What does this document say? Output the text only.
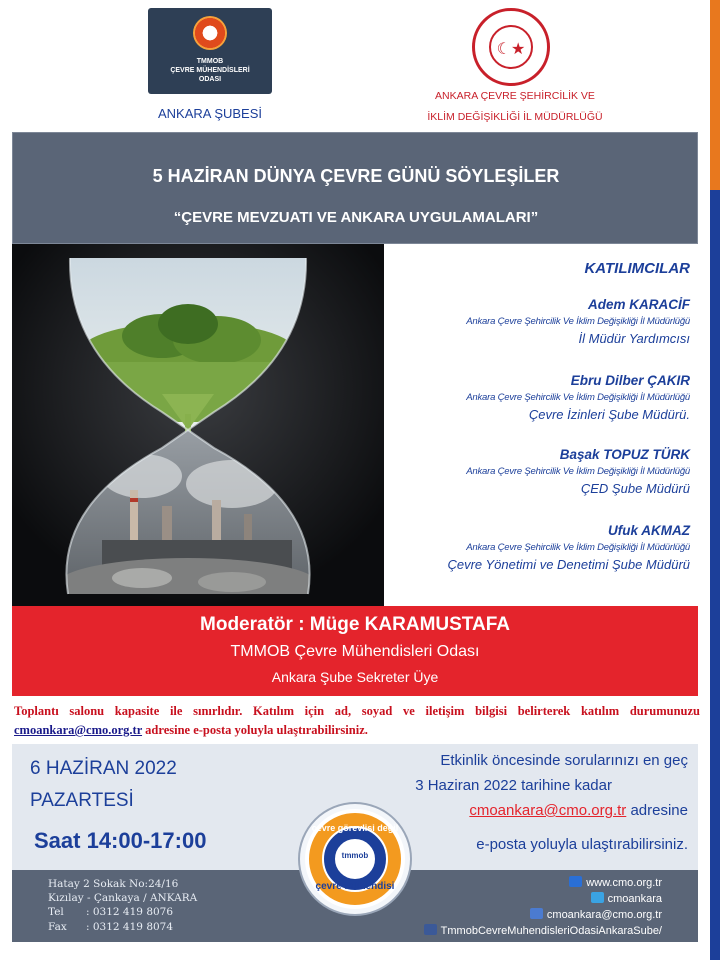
TMMOB
ÇEVRE MÜHENDİSLERİ
ODASI
ANKARA ŞUBESİ
☾★
ANKARA ÇEVRE ŞEHİRCİLİK VE
İKLİM DEĞİŞİKLİĞİ İL MÜDÜRLÜĞÜ
5 HAZİRAN DÜNYA ÇEVRE GÜNÜ SÖYLEŞİLER
“ÇEVRE MEVZUATI VE ANKARA UYGULAMALARI”
KATILIMCILAR
Adem KARACİF
Ankara Çevre Şehircilik Ve İklim Değişikliği İl Müdürlüğü
İl Müdür Yardımcısı
Ebru Dilber ÇAKIR
Ankara Çevre Şehircilik Ve İklim Değişikliği İl Müdürlüğü
Çevre İzinleri Şube Müdürü.
Başak TOPUZ TÜRK
Ankara Çevre Şehircilik Ve İklim Değişikliği İl Müdürlüğü
ÇED Şube Müdürü
Ufuk AKMAZ
Ankara Çevre Şehircilik Ve İklim Değişikliği İl Müdürlüğü
Çevre Yönetimi ve Denetimi Şube Müdürü
Moderatör : Müge KARAMUSTAFA
TMMOB Çevre Mühendisleri Odası
Ankara Şube Sekreter Üye
Toplantı salonu kapasite ile sınırlıdır. Katılım için ad, soyad ve iletişim bilgisi belirterek katılım durumunuzu cmoankara@cmo.org.tr adresine e-posta yoluyla ulaştırabilirsiniz.
6 HAZİRAN 2022
PAZARTESİ
Saat 14:00-17:00
Etkinlik öncesinde sorularınızı en geç
3 Haziran 2022 tarihine kadar
cmoankara@cmo.org.tr adresine
e-posta yoluyla ulaştırabilirsiniz.
Hatay 2 Sokak No:24/16
Kızılay - Çankaya / ANKARA
Tel : 0312 419 8076
Fax : 0312 419 8074
www.cmo.org.tr
cmoankara
cmoankara@cmo.org.tr
TmmobCevreMuhendisleriOdasiAnkaraSube/
çevre görevlisi değil
tmmob
çevre mühendisi
